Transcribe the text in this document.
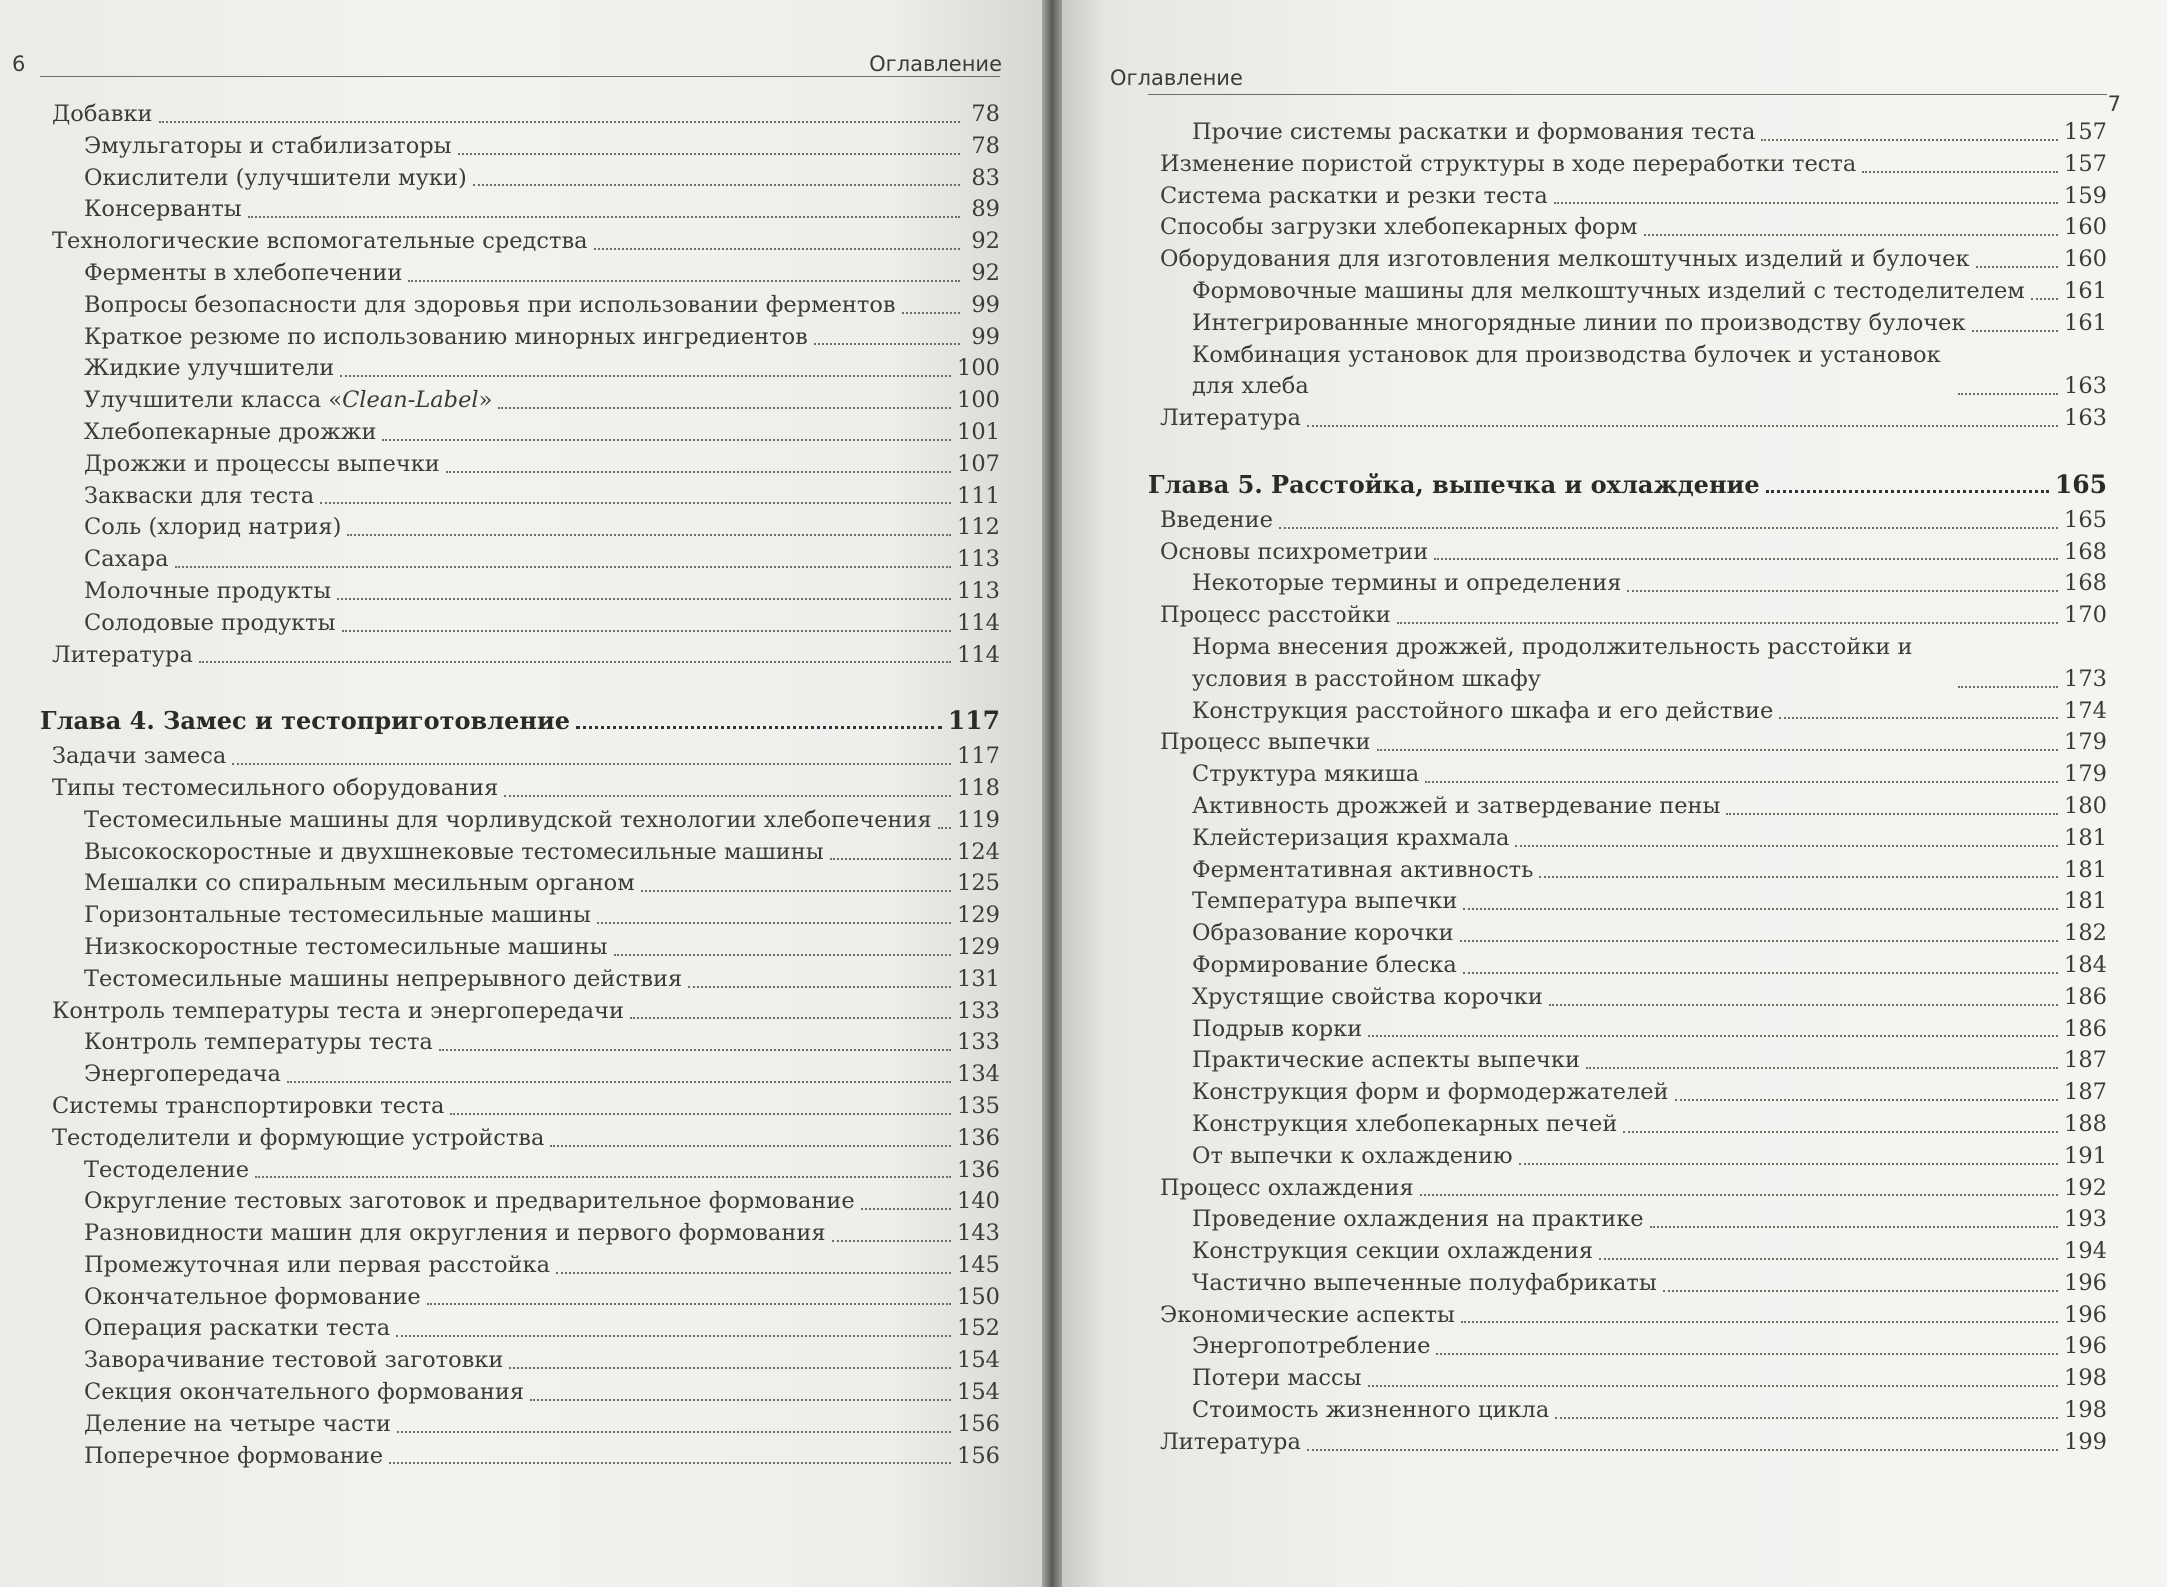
6	Оглавление
Добавки	78
Эмульгаторы и стабилизаторы	78
Окислители (улучшители муки)	83
Консерванты	89
Технологические вспомогательные средства	92
Ферменты в хлебопечении	92
Вопросы безопасности для здоровья при использовании ферментов	99
Краткое резюме по использованию минорных ингредиентов	99
Жидкие улучшители	100
Улучшители класса «Clean-Label»	100
Хлебопекарные дрожжи	101
Дрожжи и процессы выпечки	107
Закваски для теста	111
Соль (хлорид натрия)	112
Сахара	113
Молочные продукты	113
Солодовые продукты	114
Литература	114
Глава 4. Замес и тестоприготовление	117
Задачи замеса	117
Типы тестомесильного оборудования	118
Тестомесильные машины для чорливудской технологии хлебопечения 119
Высокоскоростные и двухшнековые тестомесильные машины	124
Мешалки со спиральным месильным органом	125
Горизонтальные тестомесильные машины	129
Низкоскоростные тестомесильные машины	129
Тестомесильные машины непрерывного действия	131
Контроль температуры теста и энергопередачи	133
Контроль температуры теста	133
Энергопередача	134
Системы транспортировки теста	135
Тестоделители и формующие устройства	136
Тестоделение	136
Округление тестовых заготовок и предварительное формование	140
Разновидности машин для округления и первого формования	143
Промежуточная или первая расстойка	145
Окончательное формование	150
Операция раскатки теста	152
Заворачивание тестовой заготовки	154
Секция окончательного формования	154
Деление на четыре части	156
Поперечное формование	156
Оглавление
7
Прочие системы раскатки и формования теста	157
Изменение пористой структуры в ходе переработки теста	157
Система раскатки и резки теста	159
Способы загрузки хлебопекарных форм	160
Оборудования для изготовления мелкоштучных изделий и булочек	160
Формовочные машины для мелкоштучных изделий с тестоделителем 161
Интегрированные многорядные линии по производству булочек	161
Комбинация установок для производства булочек и установок для хлеба	163
Литература	163
Глава 5. Расстойка, выпечка и охлаждение	165
Введение	165
Основы психрометрии	168
Некоторые термины и определения	168
Процесс расстойки	170
Норма внесения дрожжей, продолжительность расстойки и условия в расстойном шкафу	173
Конструкция расстойного шкафа и его действие	174
Процесс выпечки	179
Структура мякиша	179
Активность дрожжей и затвердевание пены	180
Клейстеризация крахмала	181
Ферментативная активность	181
Температура выпечки	181
Образование корочки	182
Формирование блеска	184
Хрустящие свойства корочки	186
Подрыв корки	186
Практические аспекты выпечки	187
Конструкция форм и формодержателей	187
Конструкция хлебопекарных печей	188
От выпечки к охлаждению	191
Процесс охлаждения	192
Проведение охлаждения на практике	193
Конструкция секции охлаждения	194
Частично выпеченные полуфабрикаты	196
Экономические аспекты	196
Энергопотребление	196
Потери массы	198
Стоимость жизненного цикла	198
Литература	199
